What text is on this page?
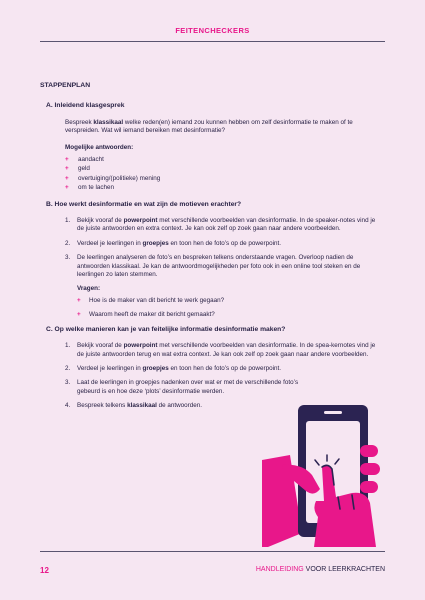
FEITENCHECKERS
STAPPENPLAN
A. Inleidend klasgesprek
Bespreek klassikaal welke reden(en) iemand zou kunnen hebben om zelf desinformatie te maken of te verspreiden. Wat wil iemand bereiken met desinformatie?
Mogelijke antwoorden:
+ aandacht
+ geld
+ overtuiging/(politieke) mening
+ om te lachen
B. Hoe werkt desinformatie en wat zijn de motieven erachter?
1. Bekijk vooraf de powerpoint met verschillende voorbeelden van desinformatie. In de speaker-notes vind je de juiste antwoorden en extra context. Je kan ook zelf op zoek gaan naar andere voorbeelden.
2. Verdeel je leerlingen in groepjes en toon hen de foto’s op de powerpoint.
3. De leerlingen analyseren de foto’s en bespreken telkens onderstaande vragen. Overloop nadien de antwoorden klassikaal. Je kan de antwoordmogelijkheden per foto ook in een online tool steken en de leerlingen zo laten stemmen.
Vragen:
+ Hoe is de maker van dit bericht te werk gegaan?
+ Waarom heeft de maker dit bericht gemaakt?
C. Op welke manieren kan je van feitelijke informatie desinformatie maken?
1. Bekijk vooraf de powerpoint met verschillende voorbeelden van desinformatie. In de spea-kernotes vind je de juiste antwoorden terug en wat extra context. Je kan ook zelf op zoek gaan naar andere voorbeelden.
2. Verdeel je leerlingen in groepjes en toon hen de foto’s op de powerpoint.
3. Laat de leerlingen in groepjes nadenken over wat er met de verschillende foto’s gebeurd is en hoe deze ‘plots’ desinformatie werden.
4. Bespreek telkens klassikaal de antwoorden.
12	HANDLEIDING VOOR LEERKRACHTEN
